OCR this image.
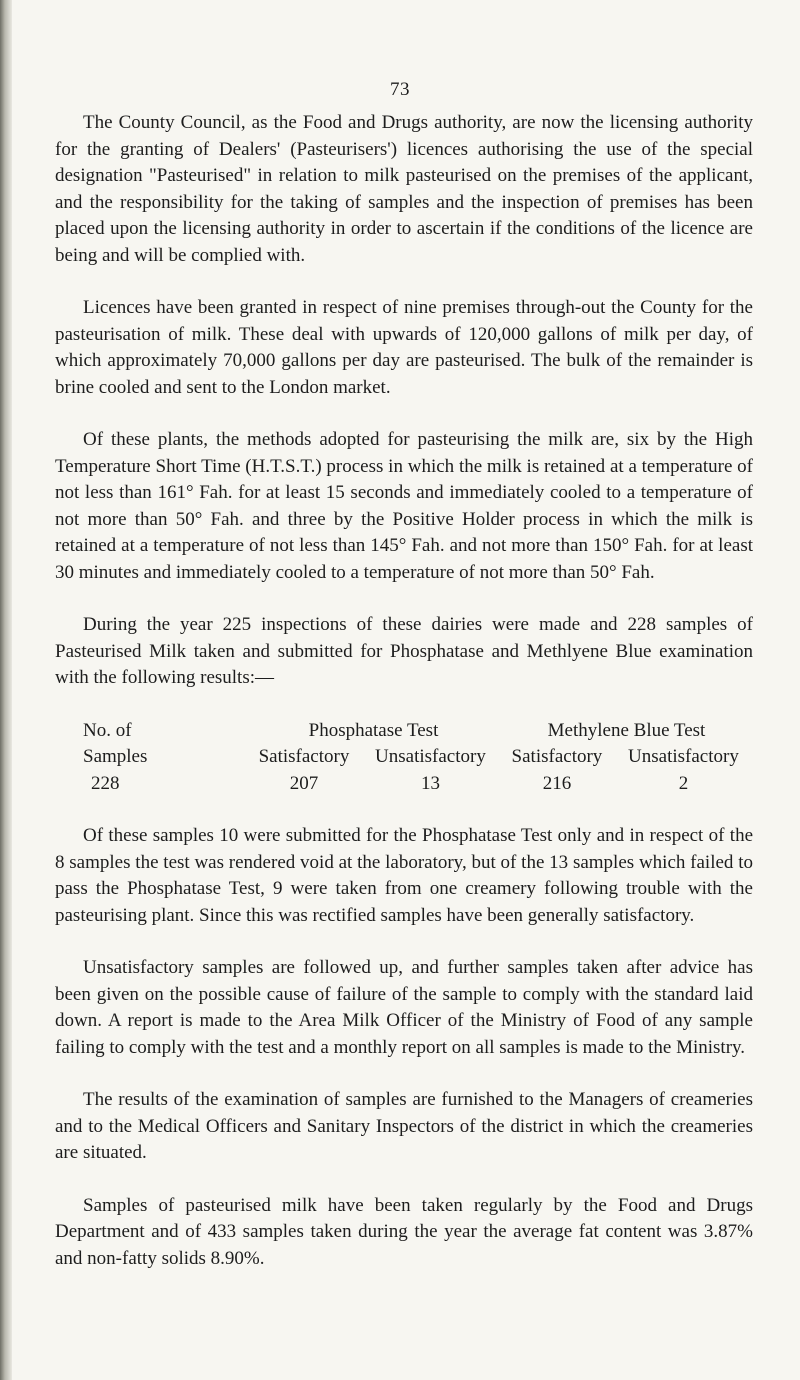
73

The County Council, as the Food and Drugs authority, are now the licensing authority for the granting of Dealers' (Pasteurisers') licences authorising the use of the special designation "Pasteurised" in relation to milk pasteurised on the premises of the applicant, and the responsibility for the taking of samples and the inspection of premises has been placed upon the licensing authority in order to ascertain if the conditions of the licence are being and will be complied with.

Licences have been granted in respect of nine premises through-out the County for the pasteurisation of milk. These deal with upwards of 120,000 gallons of milk per day, of which approximately 70,000 gallons per day are pasteurised. The bulk of the remainder is brine cooled and sent to the London market.

Of these plants, the methods adopted for pasteurising the milk are, six by the High Temperature Short Time (H.T.S.T.) process in which the milk is retained at a temperature of not less than 161° Fah. for at least 15 seconds and immediately cooled to a temperature of not more than 50° Fah. and three by the Positive Holder process in which the milk is retained at a temperature of not less than 145° Fah. and not more than 150° Fah. for at least 30 minutes and immediately cooled to a temperature of not more than 50° Fah.

During the year 225 inspections of these dairies were made and 228 samples of Pasteurised Milk taken and submitted for Phosphatase and Methlyene Blue examination with the following results:—

No. of	Phosphatase Test		Methylene Blue Test	
Samples	Satisfactory	Unsatisfactory	Satisfactory	Unsatisfactory
228	207	13	216	2

Of these samples 10 were submitted for the Phosphatase Test only and in respect of the 8 samples the test was rendered void at the laboratory, but of the 13 samples which failed to pass the Phosphatase Test, 9 were taken from one creamery following trouble with the pasteurising plant. Since this was rectified samples have been generally satisfactory.

Unsatisfactory samples are followed up, and further samples taken after advice has been given on the possible cause of failure of the sample to comply with the standard laid down. A report is made to the Area Milk Officer of the Ministry of Food of any sample failing to comply with the test and a monthly report on all samples is made to the Ministry.

The results of the examination of samples are furnished to the Managers of creameries and to the Medical Officers and Sanitary Inspectors of the district in which the creameries are situated.

Samples of pasteurised milk have been taken regularly by the Food and Drugs Department and of 433 samples taken during the year the average fat content was 3.87% and non-fatty solids 8.90%.
